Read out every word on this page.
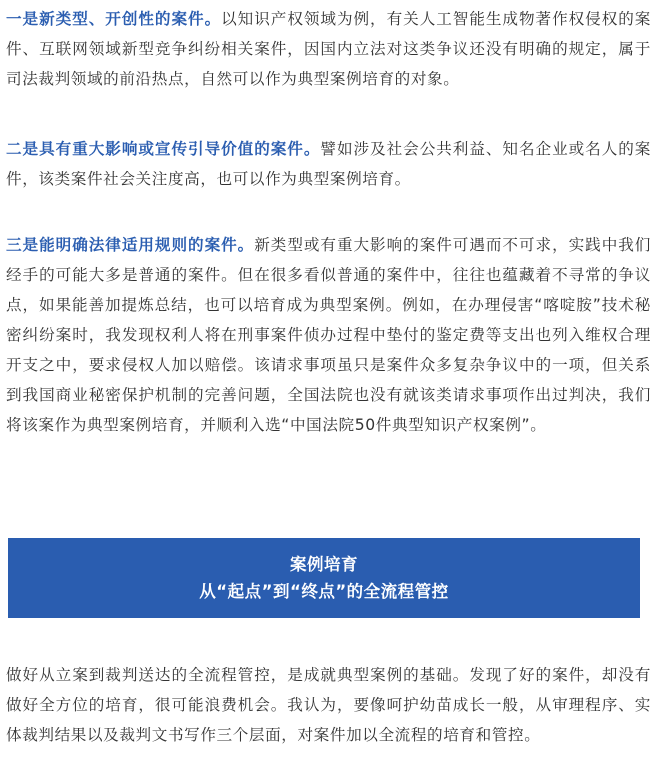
一是新类型、开创性的案件。以知识产权领域为例，有关人工智能生成物著作权侵权的案件、互联网领域新型竞争纠纷相关案件，因国内立法对这类争议还没有明确的规定，属于司法裁判领域的前沿热点，自然可以作为典型案例培育的对象。

二是具有重大影响或宣传引导价值的案件。譬如涉及社会公共利益、知名企业或名人的案件，该类案件社会关注度高，也可以作为典型案例培育。

三是能明确法律适用规则的案件。新类型或有重大影响的案件可遇而不可求，实践中我们经手的可能大多是普通的案件。但在很多看似普通的案件中，往往也蕴藏着不寻常的争议点，如果能善加提炼总结，也可以培育成为典型案例。例如，在办理侵害“喀啶胺”技术秘密纠纷案时，我发现权利人将在刑事案件侦办过程中垫付的鉴定费等支出也列入维权合理开支之中，要求侵权人加以赔偿。该请求事项虽只是案件众多复杂争议中的一项，但关系到我国商业秘密保护机制的完善问题，全国法院也没有就该类请求事项作出过判决，我们将该案作为典型案例培育，并顺利入选“中国法院50件典型知识产权案例”。

案例培育
从“起点”到“终点”的全流程管控

做好从立案到裁判送达的全流程管控，是成就典型案例的基础。发现了好的案件，却没有做好全方位的培育，很可能浪费机会。我认为，要像呵护幼苗成长一般，从审理程序、实体裁判结果以及裁判文书写作三个层面，对案件加以全流程的培育和管控。
